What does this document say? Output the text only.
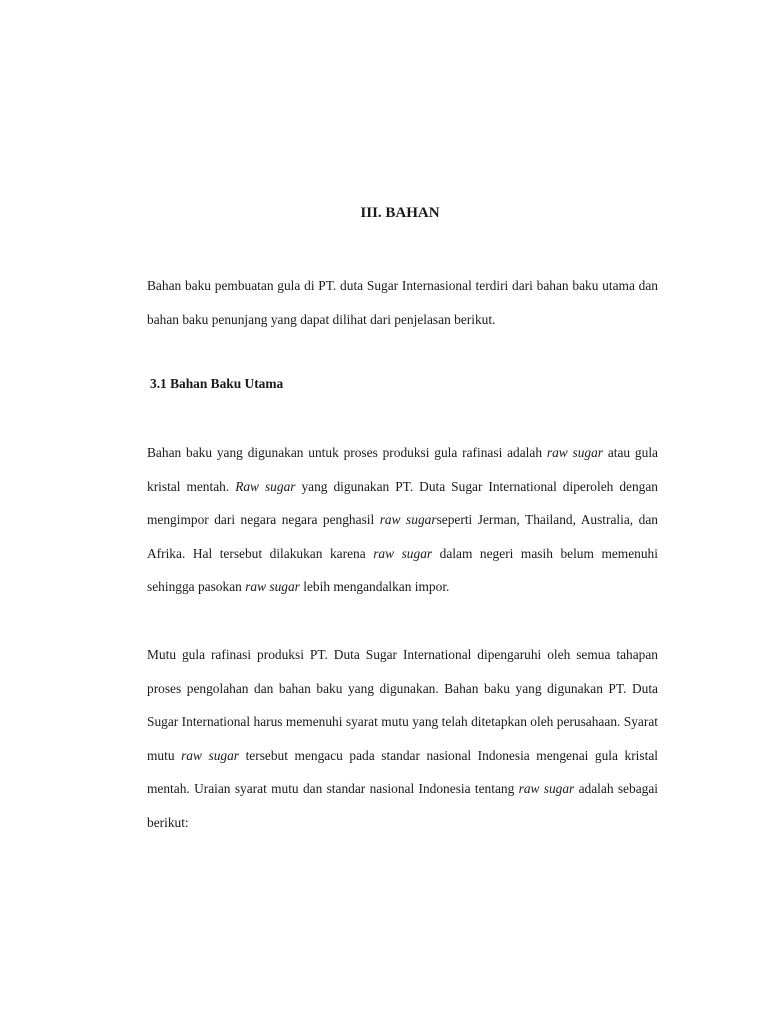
III. BAHAN

Bahan baku pembuatan gula di PT. duta Sugar Internasional terdiri dari bahan baku utama dan bahan baku penunjang yang dapat dilihat dari penjelasan berikut.

3.1 Bahan Baku Utama

Bahan baku yang digunakan untuk proses produksi gula rafinasi adalah raw sugar atau gula kristal mentah. Raw sugar yang digunakan PT. Duta Sugar International diperoleh dengan mengimpor dari negara negara penghasil raw sugarseperti Jerman, Thailand, Australia, dan Afrika. Hal tersebut dilakukan karena raw sugar dalam negeri masih belum memenuhi sehingga pasokan raw sugar lebih mengandalkan impor.

Mutu gula rafinasi produksi PT. Duta Sugar International dipengaruhi oleh semua tahapan proses pengolahan dan bahan baku yang digunakan. Bahan baku yang digunakan PT. Duta Sugar International harus memenuhi syarat mutu yang telah ditetapkan oleh perusahaan. Syarat mutu raw sugar tersebut mengacu pada standar nasional Indonesia mengenai gula kristal mentah. Uraian syarat mutu dan standar nasional Indonesia tentang raw sugar adalah sebagai berikut:
